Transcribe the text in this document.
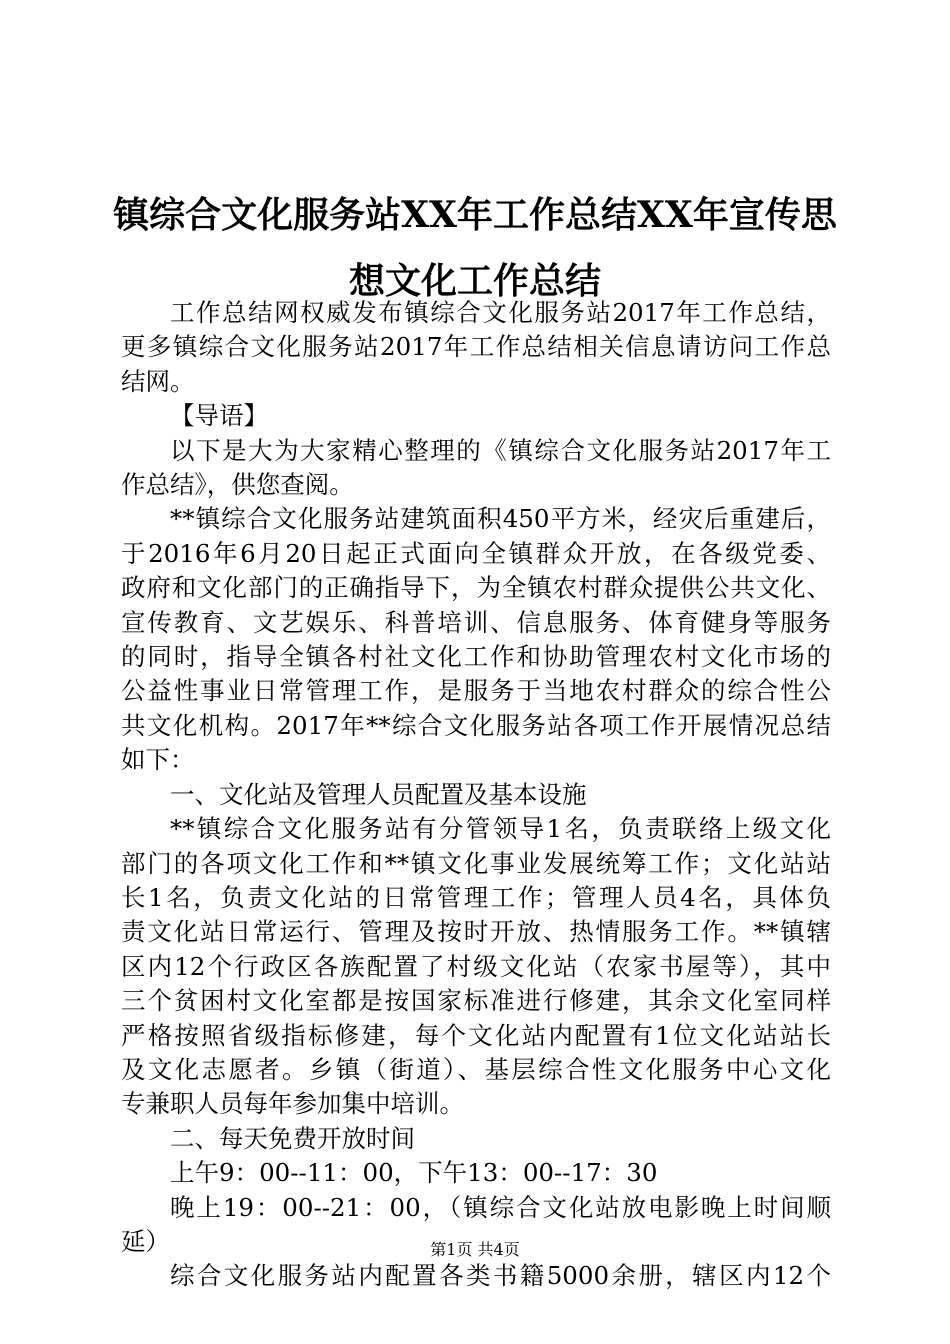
镇综合文化服务站XX年工作总结XX年宣传思
想文化工作总结
工作总结网权威发布镇综合文化服务站2017年工作总结，
更多镇综合文化服务站2017年工作总结相关信息请访问工作总
结网。
【导语】
以下是大为大家精心整理的《镇综合文化服务站2017年工
作总结》，供您查阅。
**镇综合文化服务站建筑面积450平方米，经灾后重建后，
于2016年6月20日起正式面向全镇群众开放，在各级党委、
政府和文化部门的正确指导下，为全镇农村群众提供公共文化、
宣传教育、文艺娱乐、科普培训、信息服务、体育健身等服务
的同时，指导全镇各村社文化工作和协助管理农村文化市场的
公益性事业日常管理工作，是服务于当地农村群众的综合性公
共文化机构。2017年**综合文化服务站各项工作开展情况总结
如下：
一、文化站及管理人员配置及基本设施
**镇综合文化服务站有分管领导1名，负责联络上级文化
部门的各项文化工作和**镇文化事业发展统筹工作；文化站站
长1名，负责文化站的日常管理工作；管理人员4名，具体负
责文化站日常运行、管理及按时开放、热情服务工作。**镇辖
区内12个行政区各族配置了村级文化站（农家书屋等），其中
三个贫困村文化室都是按国家标准进行修建，其余文化室同样
严格按照省级指标修建，每个文化站内配置有1位文化站站长
及文化志愿者。乡镇（街道）、基层综合性文化服务中心文化
专兼职人员每年参加集中培训。
二、每天免费开放时间
上午9：00--11：00，下午13：00--17：30
晚上19：00--21：00，（镇综合文化站放电影晚上时间顺
延）
综合文化服务站内配置各类书籍5000余册，辖区内12个
第1页 共4页
